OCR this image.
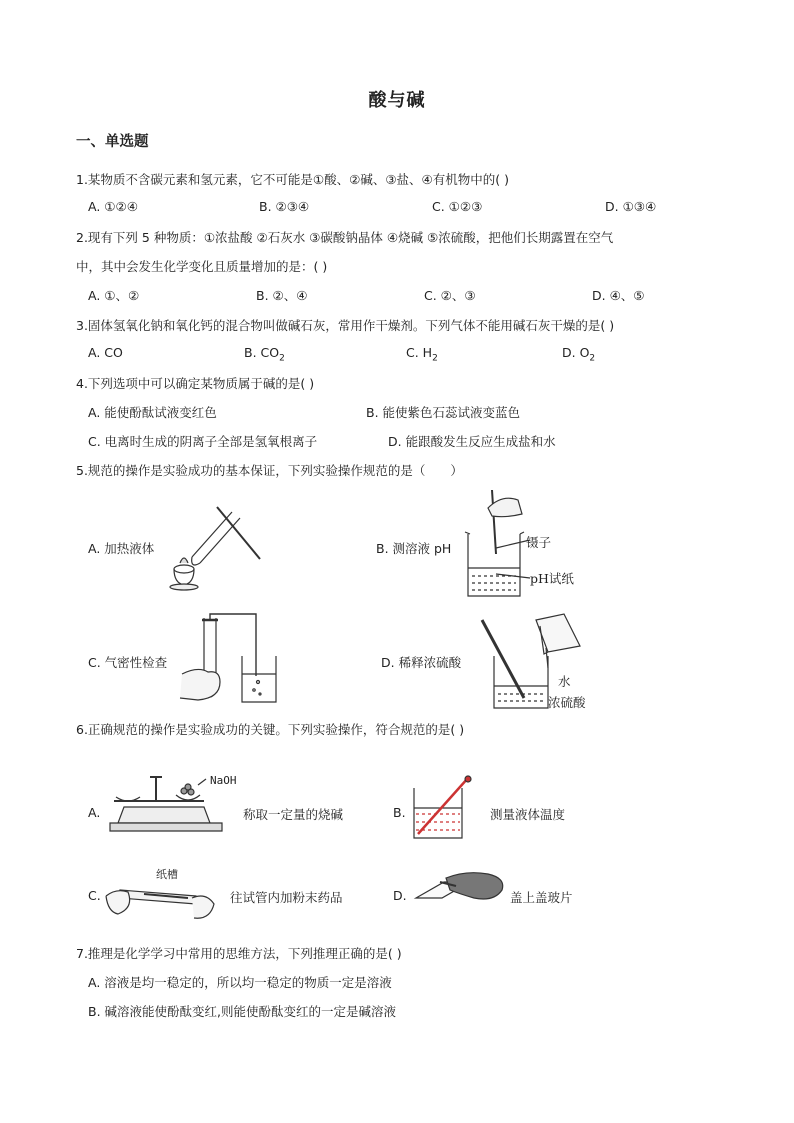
酸与碱
一、单选题
1.某物质不含碳元素和氢元素，它不可能是①酸、②碱、③盐、④有机物中的( )
A. ①②④	B. ②③④	C. ①②③	D. ①③④
2.现有下列 5 种物质：①浓盐酸 ②石灰水 ③碳酸钠晶体 ④烧碱 ⑤浓硫酸，把他们长期露置在空气
中，其中会发生化学变化且质量增加的是：( )
A. ①、②	B. ②、④	C. ②、③	D. ④、⑤
3.固体氢氧化钠和氧化钙的混合物叫做碱石灰，常用作干燥剂。下列气体不能用碱石灰干燥的是( )
A. CO	B. $CO_2$	C. $H_2$	D. $O_2$
4.下列选项中可以确定某物质属于碱的是( )
A. 能使酚酞试液变红色	B. 能使紫色石蕊试液变蓝色
C. 电离时生成的阴离子全部是氢氧根离子	D. 能跟酸发生反应生成盐和水
5.规范的操作是实验成功的基本保证，下列实验操作规范的是（　　）
A. 加热液体	B. 测溶液 pH	镊子
pH试纸
C. 气密性检查	D. 稀释浓硫酸
水
浓硫酸
6.正确规范的操作是实验成功的关键。下列实验操作，符合规范的是( )
A.
NaOH
称取一定量的烧碱	B.	测量液体温度
C.
纸槽
往试管内加粉末药品	D.	盖上盖玻片
7.推理是化学学习中常用的思维方法，下列推理正确的是( )
A. 溶液是均一稳定的，所以均一稳定的物质一定是溶液
B. 碱溶液能使酚酞变红,则能使酚酞变红的一定是碱溶液
